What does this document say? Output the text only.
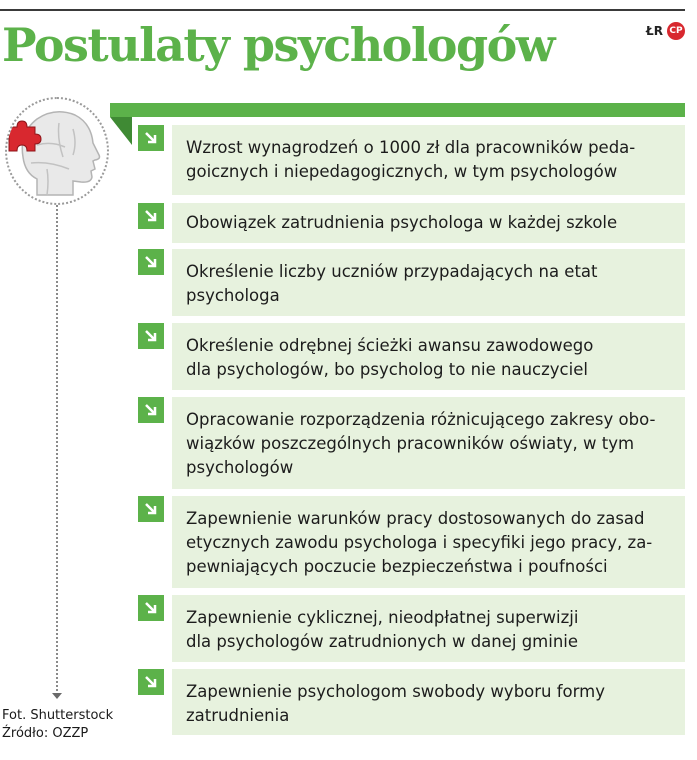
Postulaty psychologów	ŁR CP
Fot. Shutterstock
Źródło: OZZP
Wzrost wynagrodzeń o 1000 zł dla pracowników peda-
goicznych i niepedagogicznych, w tym psychologów
Obowiązek zatrudnienia psychologa w każdej szkole
Określenie liczby uczniów przypadających na etat
psychologa
Określenie odrębnej ścieżki awansu zawodowego
dla psychologów, bo psycholog to nie nauczyciel
Opracowanie rozporządzenia różnicującego zakresy obo-
wiązków poszczególnych pracowników oświaty, w tym
psychologów
Zapewnienie warunków pracy dostosowanych do zasad
etycznych zawodu psychologa i specyfiki jego pracy, za-
pewniających poczucie bezpieczeństwa i poufności
Zapewnienie cyklicznej, nieodpłatnej superwizji
dla psychologów zatrudnionych w danej gminie
Zapewnienie psychologom swobody wyboru formy
zatrudnienia
